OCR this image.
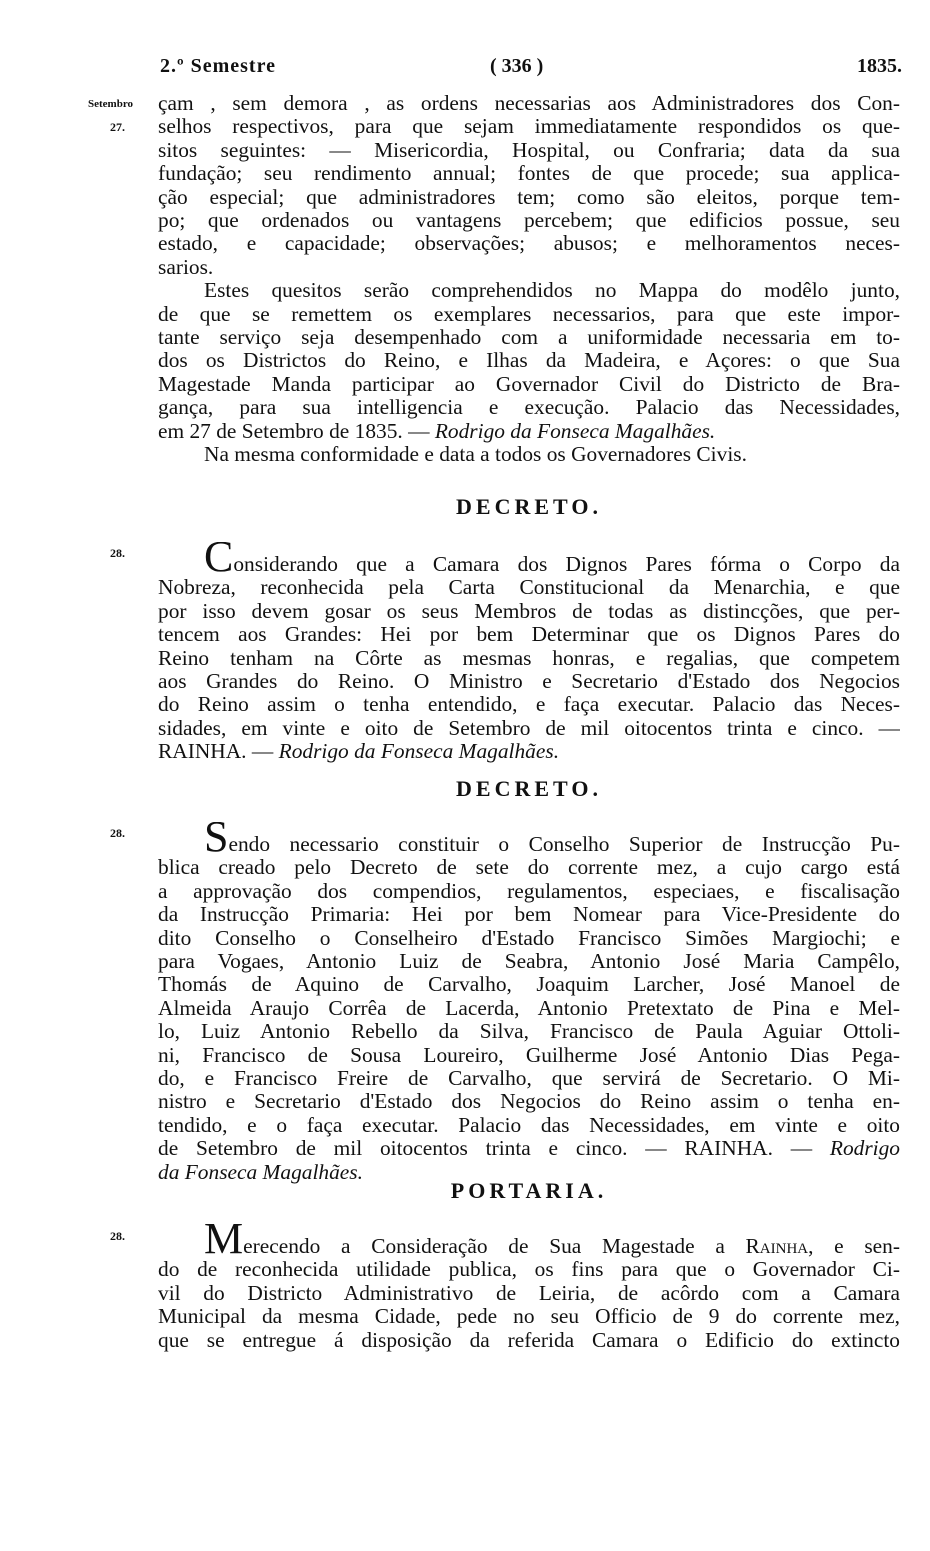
2.º Semestre	( 336 )	1835.
Setembro
27.
28.
28.
28.
çam , sem demora , as ordens necessarias aos Administradores dos Con-
selhos respectivos, para que sejam immediatamente respondidos os que-
sitos seguintes: — Misericordia, Hospital, ou Confraria; data da sua
fundação; seu rendimento annual; fontes de que procede; sua applica-
ção especial; que administradores tem; como são eleitos, porque tem-
po; que ordenados ou vantagens percebem; que edificios possue, seu
estado, e capacidade; observações; abusos; e melhoramentos neces-
sarios.
Estes quesitos serão comprehendidos no Mappa do modêlo junto,
de que se remettem os exemplares necessarios, para que este impor-
tante serviço seja desempenhado com a uniformidade necessaria em to-
dos os Districtos do Reino, e Ilhas da Madeira, e Açores: o que Sua
Magestade Manda participar ao Governador Civil do Districto de Bra-
gança, para sua intelligencia e execução. Palacio das Necessidades,
em 27 de Setembro de 1835. — Rodrigo da Fonseca Magalhães.
Na mesma conformidade e data a todos os Governadores Civis.
DECRETO.
Considerando que a Camara dos Dignos Pares fórma o Corpo da
Nobreza, reconhecida pela Carta Constitucional da Menarchia, e que
por isso devem gosar os seus Membros de todas as distincções, que per-
tencem aos Grandes: Hei por bem Determinar que os Dignos Pares do
Reino tenham na Côrte as mesmas honras, e regalias, que competem
aos Grandes do Reino. O Ministro e Secretario d'Estado dos Negocios
do Reino assim o tenha entendido, e faça executar. Palacio das Neces-
sidades, em vinte e oito de Setembro de mil oitocentos trinta e cinco. —
RAINHA. — Rodrigo da Fonseca Magalhães.
DECRETO.
Sendo necessario constituir o Conselho Superior de Instrucção Pu-
blica creado pelo Decreto de sete do corrente mez, a cujo cargo está
a approvação dos compendios, regulamentos, especiaes, e fiscalisação
da Instrucção Primaria: Hei por bem Nomear para Vice-Presidente do
dito Conselho o Conselheiro d'Estado Francisco Simões Margiochi; e
para Vogaes, Antonio Luiz de Seabra, Antonio José Maria Campêlo,
Thomás de Aquino de Carvalho, Joaquim Larcher, José Manoel de
Almeida Araujo Corrêa de Lacerda, Antonio Pretextato de Pina e Mel-
lo, Luiz Antonio Rebello da Silva, Francisco de Paula Aguiar Ottoli-
ni, Francisco de Sousa Loureiro, Guilherme José Antonio Dias Pega-
do, e Francisco Freire de Carvalho, que servirá de Secretario. O Mi-
nistro e Secretario d'Estado dos Negocios do Reino assim o tenha en-
tendido, e o faça executar. Palacio das Necessidades, em vinte e oito
de Setembro de mil oitocentos trinta e cinco. — RAINHA. — Rodrigo
da Fonseca Magalhães.
PORTARIA.
Merecendo a Consideração de Sua Magestade a Rainha, e sen-
do de reconhecida utilidade publica, os fins para que o Governador Ci-
vil do Districto Administrativo de Leiria, de acôrdo com a Camara
Municipal da mesma Cidade, pede no seu Officio de 9 do corrente mez,
que se entregue á disposição da referida Camara o Edificio do extincto
